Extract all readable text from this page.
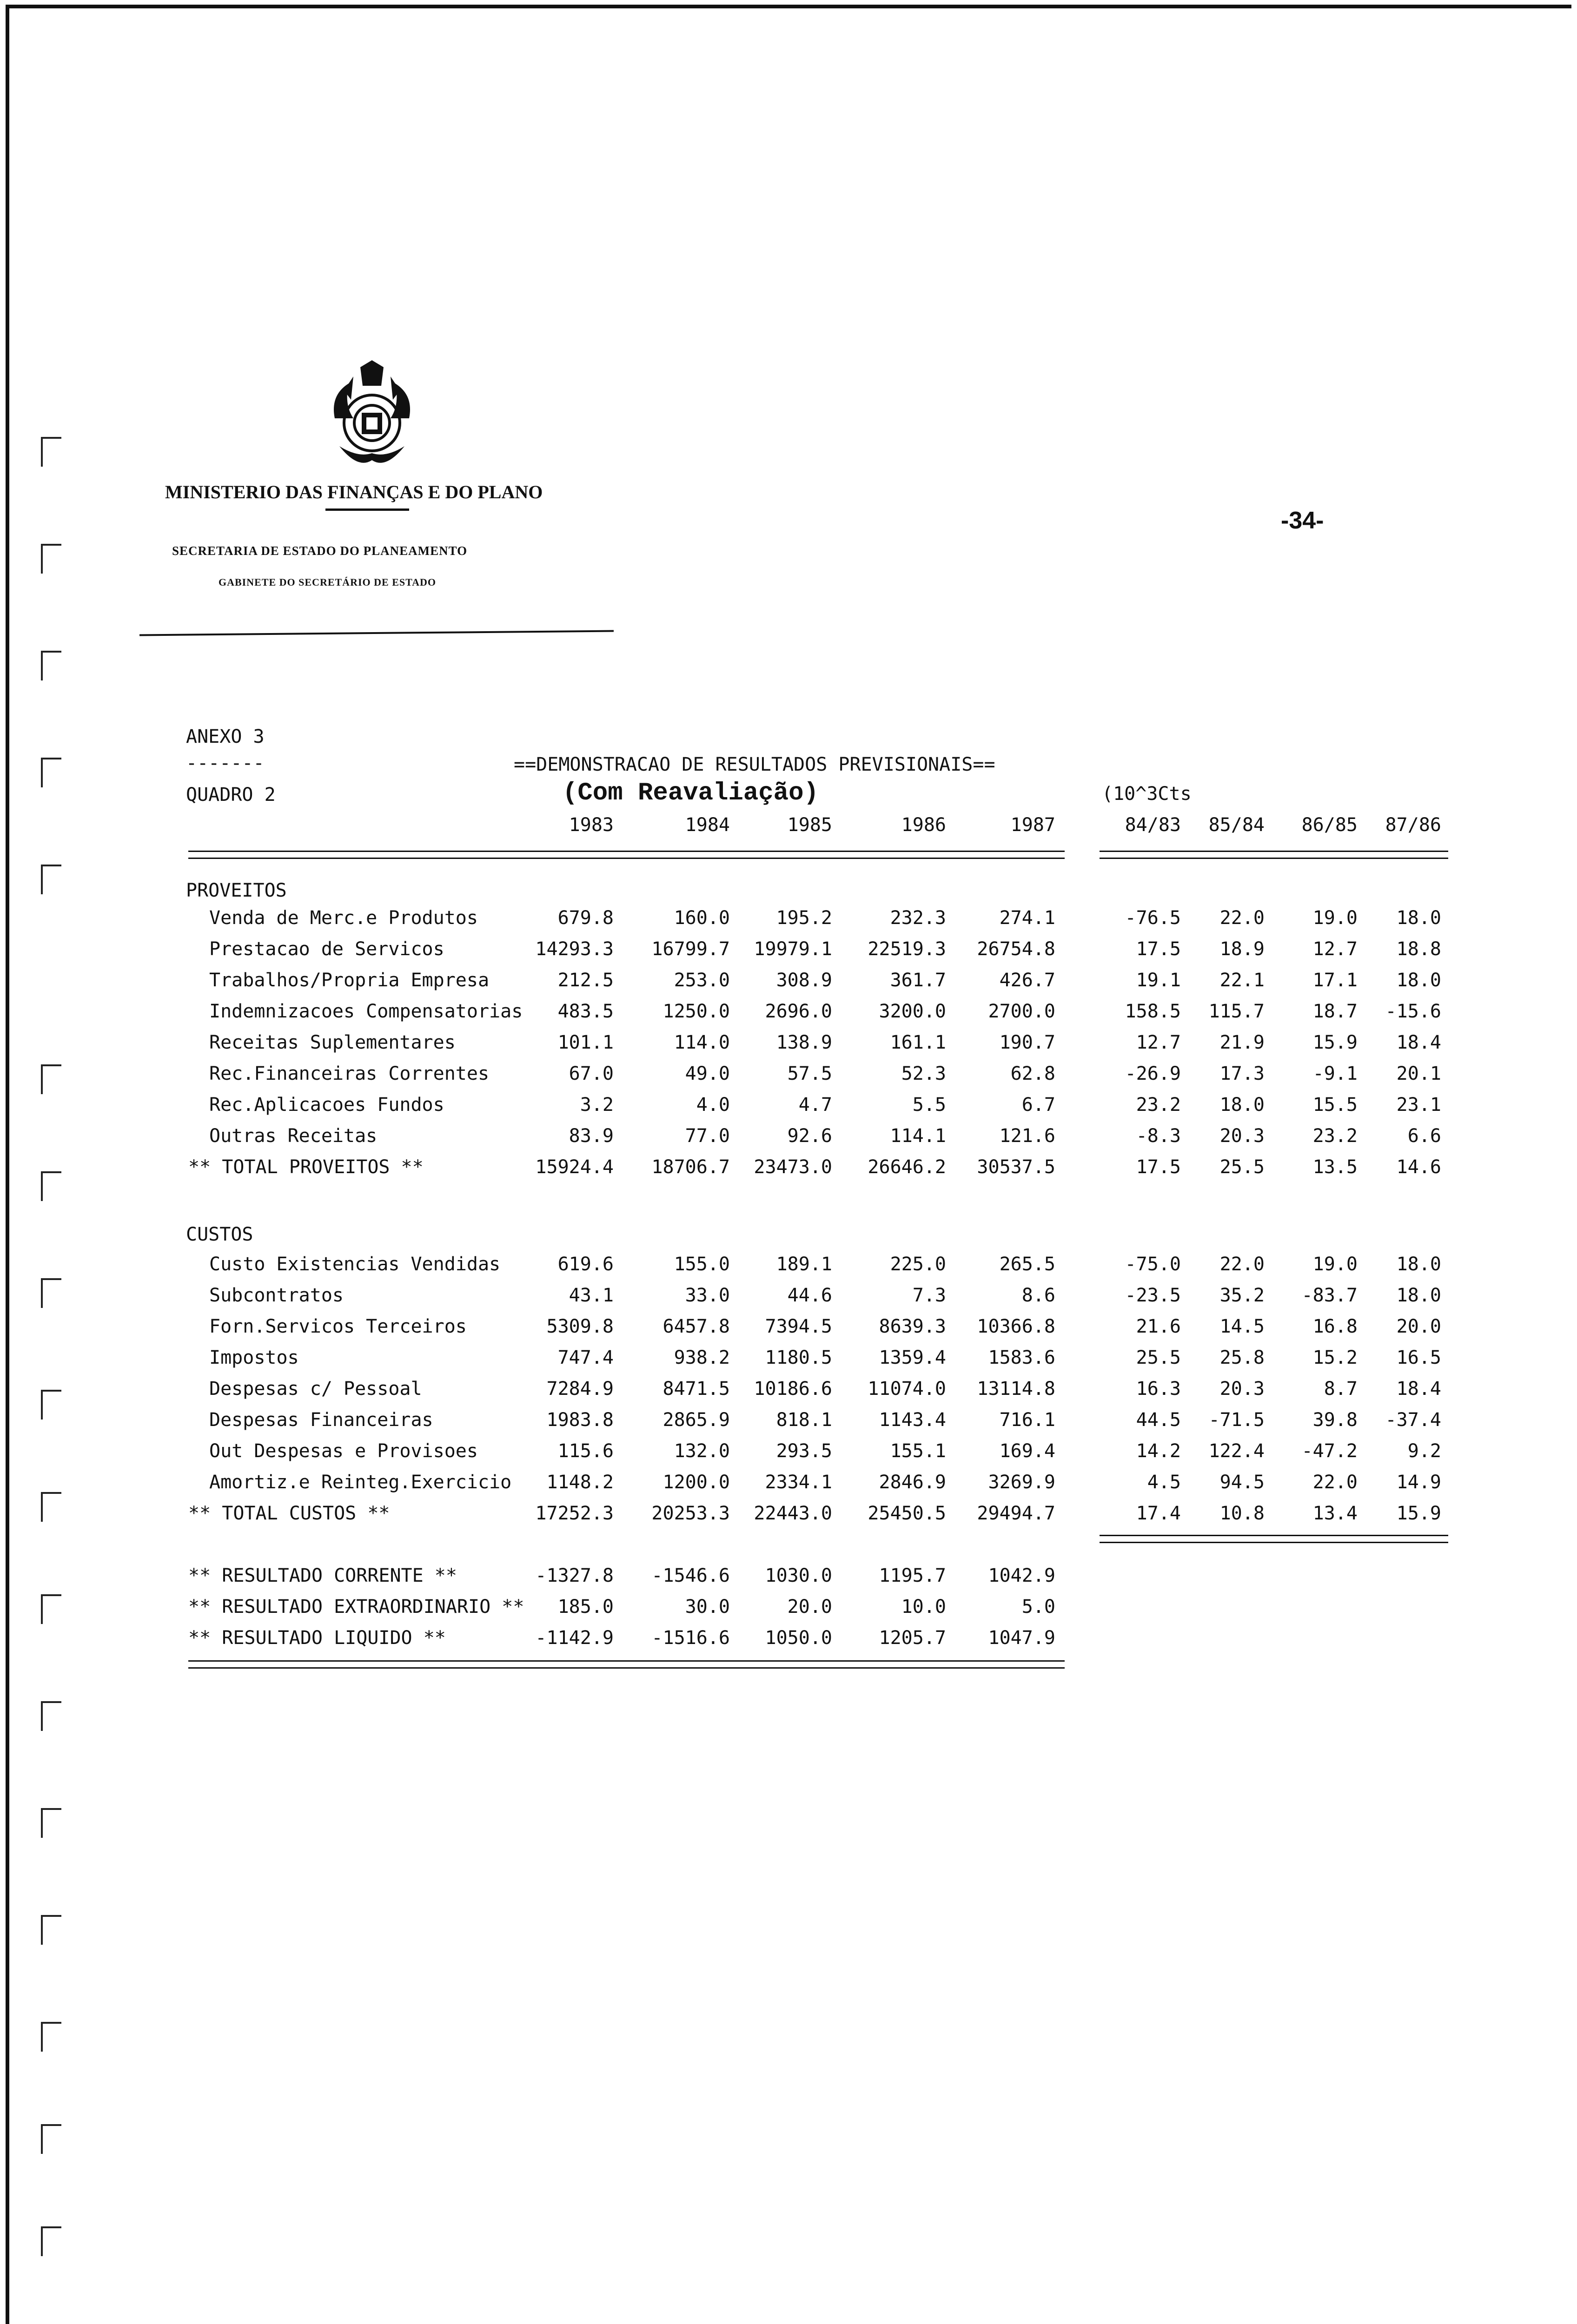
MINISTERIO DAS FINANÇAS E DO PLANO
SECRETARIA DE ESTADO DO PLANEAMENTO
GABINETE DO SECRETÁRIO DE ESTADO
-34-
ANEXO 3
-------	==DEMONSTRACAO DE RESULTADOS PREVISIONAIS==
QUADRO 2	(Com Reavaliação)	(10^3Cts
1983	1984	1985	1986	1987	84/83	85/84	86/85	87/86
PROVEITOS
Venda de Merc.e Produtos	679.8	160.0	195.2	232.3	274.1	-76.5	22.0	19.0	18.0
Prestacao de Servicos	14293.3	16799.7	19979.1	22519.3	26754.8	17.5	18.9	12.7	18.8
Trabalhos/Propria Empresa	212.5	253.0	308.9	361.7	426.7	19.1	22.1	17.1	18.0
Indemnizacoes Compensatorias	483.5	1250.0	2696.0	3200.0	2700.0	158.5	115.7	18.7	-15.6
Receitas Suplementares	101.1	114.0	138.9	161.1	190.7	12.7	21.9	15.9	18.4
Rec.Financeiras Correntes	67.0	49.0	57.5	52.3	62.8	-26.9	17.3	-9.1	20.1
Rec.Aplicacoes Fundos	3.2	4.0	4.7	5.5	6.7	23.2	18.0	15.5	23.1
Outras Receitas	83.9	77.0	92.6	114.1	121.6	-8.3	20.3	23.2	6.6
** TOTAL PROVEITOS **	15924.4	18706.7	23473.0	26646.2	30537.5	17.5	25.5	13.5	14.6
CUSTOS
Custo Existencias Vendidas	619.6	155.0	189.1	225.0	265.5	-75.0	22.0	19.0	18.0
Subcontratos	43.1	33.0	44.6	7.3	8.6	-23.5	35.2	-83.7	18.0
Forn.Servicos Terceiros	5309.8	6457.8	7394.5	8639.3	10366.8	21.6	14.5	16.8	20.0
Impostos	747.4	938.2	1180.5	1359.4	1583.6	25.5	25.8	15.2	16.5
Despesas c/ Pessoal	7284.9	8471.5	10186.6	11074.0	13114.8	16.3	20.3	8.7	18.4
Despesas Financeiras	1983.8	2865.9	818.1	1143.4	716.1	44.5	-71.5	39.8	-37.4
Out Despesas e Provisoes	115.6	132.0	293.5	155.1	169.4	14.2	122.4	-47.2	9.2
Amortiz.e Reinteg.Exercicio	1148.2	1200.0	2334.1	2846.9	3269.9	4.5	94.5	22.0	14.9
** TOTAL CUSTOS **	17252.3	20253.3	22443.0	25450.5	29494.7	17.4	10.8	13.4	15.9
** RESULTADO CORRENTE **	-1327.8	-1546.6	1030.0	1195.7	1042.9
** RESULTADO EXTRAORDINARIO **	185.0	30.0	20.0	10.0	5.0
** RESULTADO LIQUIDO **	-1142.9	-1516.6	1050.0	1205.7	1047.9
